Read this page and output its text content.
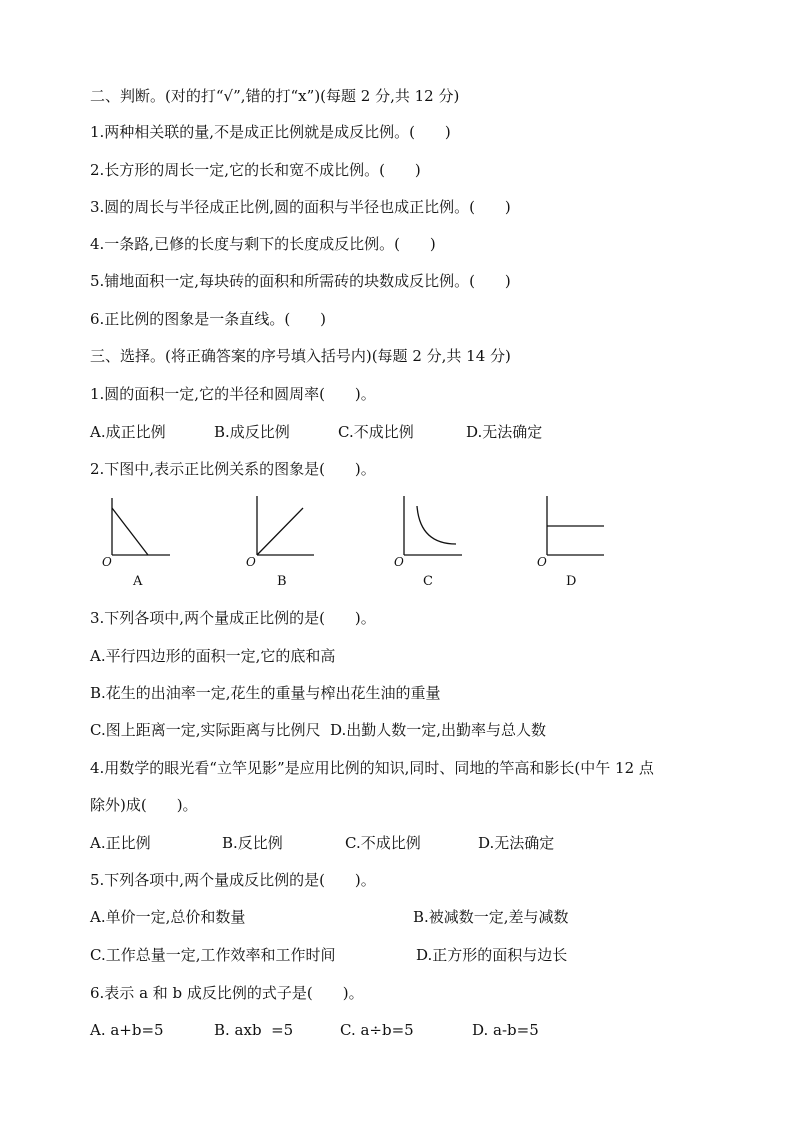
二、判断。(对的打“√”,错的打“x”)(每题 2 分,共 12 分)
1.两种相关联的量,不是成正比例就是成反比例。(　　)
2.长方形的周长一定,它的长和宽不成比例。(　　)
3.圆的周长与半径成正比例,圆的面积与半径也成正比例。(　　)
4.一条路,已修的长度与剩下的长度成反比例。(　　)
5.铺地面积一定,每块砖的面积和所需砖的块数成反比例。(　　)
6.正比例的图象是一条直线。(　　)
三、选择。(将正确答案的序号填入括号内)(每题 2 分,共 14 分)
1.圆的面积一定,它的半径和圆周率(　　)。
A.成正比例	B.成反比例	C.不成比例	D.无法确定
2.下图中,表示正比例关系的图象是(　　)。
O
A
O
B
O
C
O
D
3.下列各项中,两个量成正比例的是(　　)。
A.平行四边形的面积一定,它的底和高
B.花生的出油率一定,花生的重量与榨出花生油的重量
C.图上距离一定,实际距离与比例尺  D.出勤人数一定,出勤率与总人数
4.用数学的眼光看“立竿见影”是应用比例的知识,同时、同地的竿高和影长(中午 12 点
除外)成(　　)。
A.正比例	B.反比例	C.不成比例	D.无法确定
5.下列各项中,两个量成反比例的是(　　)。
A.单价一定,总价和数量	B.被减数一定,差与减数
C.工作总量一定,工作效率和工作时间	D.正方形的面积与边长
6.表示 a 和 b 成反比例的式子是(　　)。
A. a+b=5	B. axb  =5	C. a÷b=5	D. a-b=5
